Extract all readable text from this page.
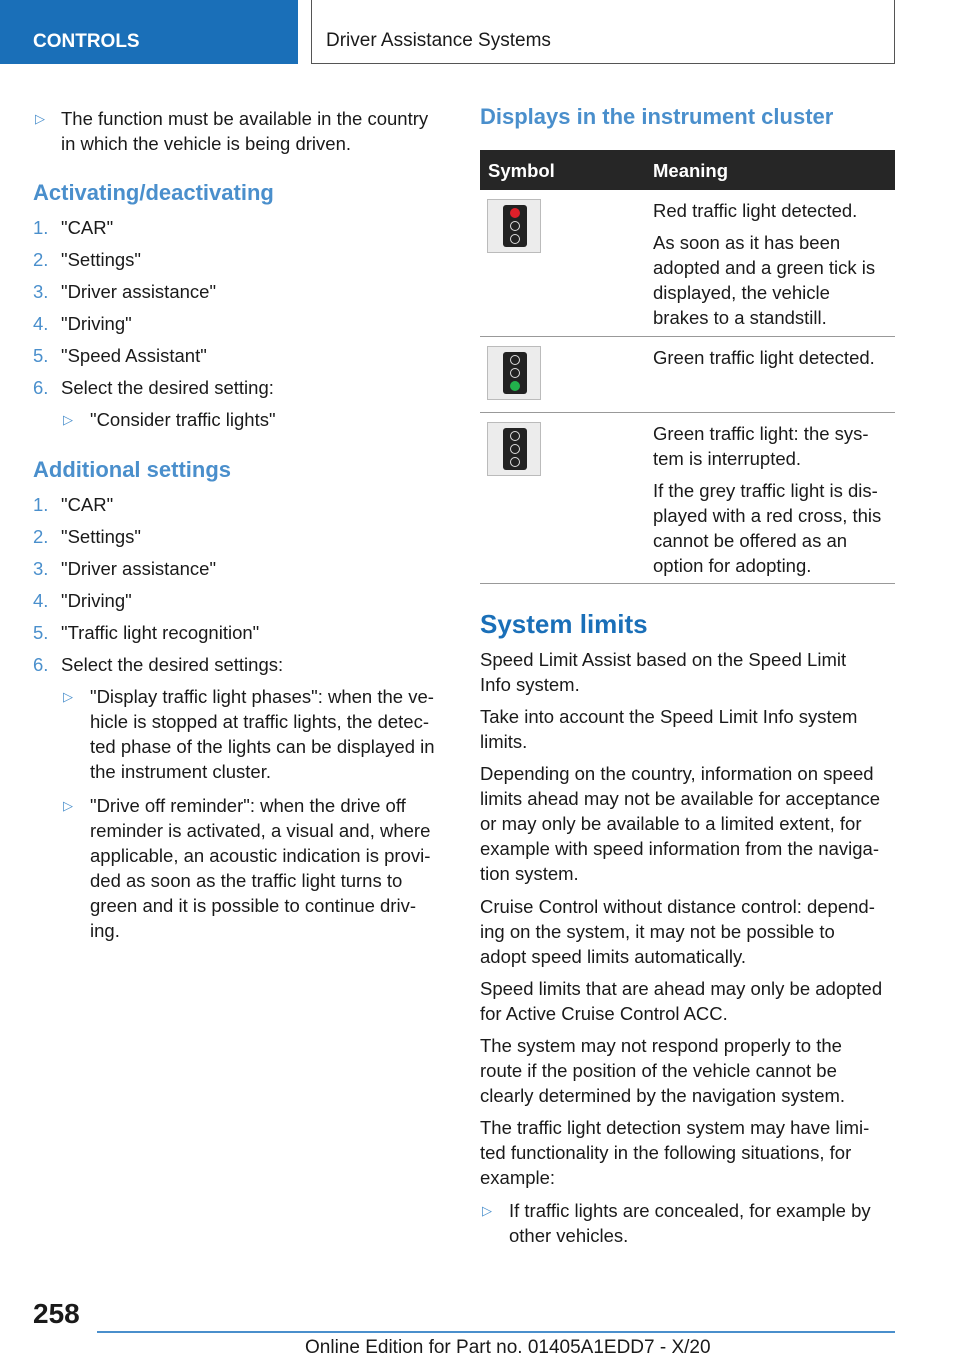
CONTROLS	Driver Assistance Systems
▷ The function must be available in the country
in which the vehicle is being driven.
Activating/deactivating
1. "CAR"
2. "Settings"
3. "Driver assistance"
4. "Driving"
5. "Speed Assistant"
6. Select the desired setting:
▷ "Consider traffic lights"
Additional settings
1. "CAR"
2. "Settings"
3. "Driver assistance"
4. "Driving"
5. "Traffic light recognition"
6. Select the desired settings:
▷ "Display traffic light phases": when the ve-
hicle is stopped at traffic lights, the detec-
ted phase of the lights can be displayed in
the instrument cluster.
▷ "Drive off reminder": when the drive off
reminder is activated, a visual and, where
applicable, an acoustic indication is provi-
ded as soon as the traffic light turns to
green and it is possible to continue driv-
ing.
Displays in the instrument cluster
Symbol	Meaning
Red traffic light detected.
As soon as it has been
adopted and a green tick is
displayed, the vehicle
brakes to a standstill.
Green traffic light detected.
Green traffic light: the sys-
tem is interrupted.
If the grey traffic light is dis-
played with a red cross, this
cannot be offered as an
option for adopting.
System limits
Speed Limit Assist based on the Speed Limit
Info system.
Take into account the Speed Limit Info system
limits.
Depending on the country, information on speed
limits ahead may not be available for acceptance
or may only be available to a limited extent, for
example with speed information from the naviga-
tion system.
Cruise Control without distance control: depend-
ing on the system, it may not be possible to
adopt speed limits automatically.
Speed limits that are ahead may only be adopted
for Active Cruise Control ACC.
The system may not respond properly to the
route if the position of the vehicle cannot be
clearly determined by the navigation system.
The traffic light detection system may have limi-
ted functionality in the following situations, for
example:
▷ If traffic lights are concealed, for example by
other vehicles.
258
Online Edition for Part no. 01405A1EDD7 - X/20
